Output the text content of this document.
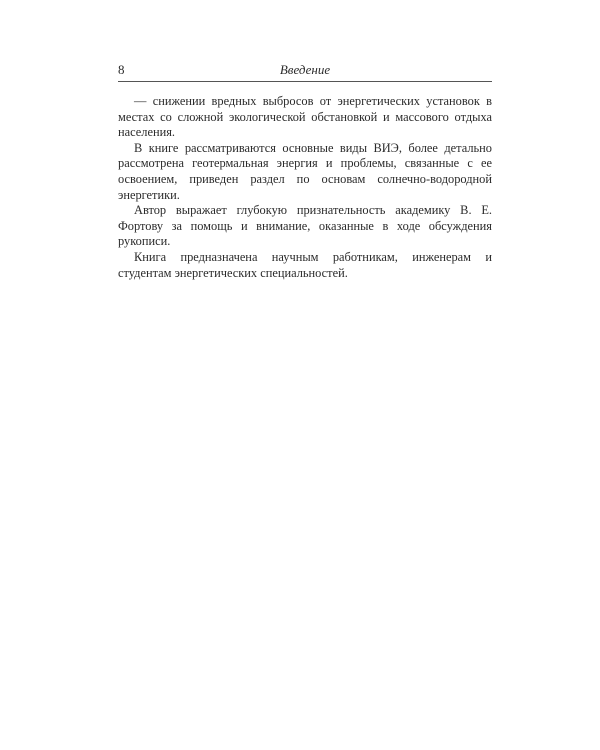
8	Введение

— снижении вредных выбросов от энергетических установок в местах со сложной экологической обстановкой и массового отдыха населения.

В книге рассматриваются основные виды ВИЭ, более детально рассмотрена геотермальная энергия и проблемы, связанные с ее освоением, приведен раздел по основам солнечно-водородной энергетики.

Автор выражает глубокую признательность академику В. Е. Фортову за помощь и внимание, оказанные в ходе обсуждения рукописи.

Книга предназначена научным работникам, инженерам и студентам энергетических специальностей.
